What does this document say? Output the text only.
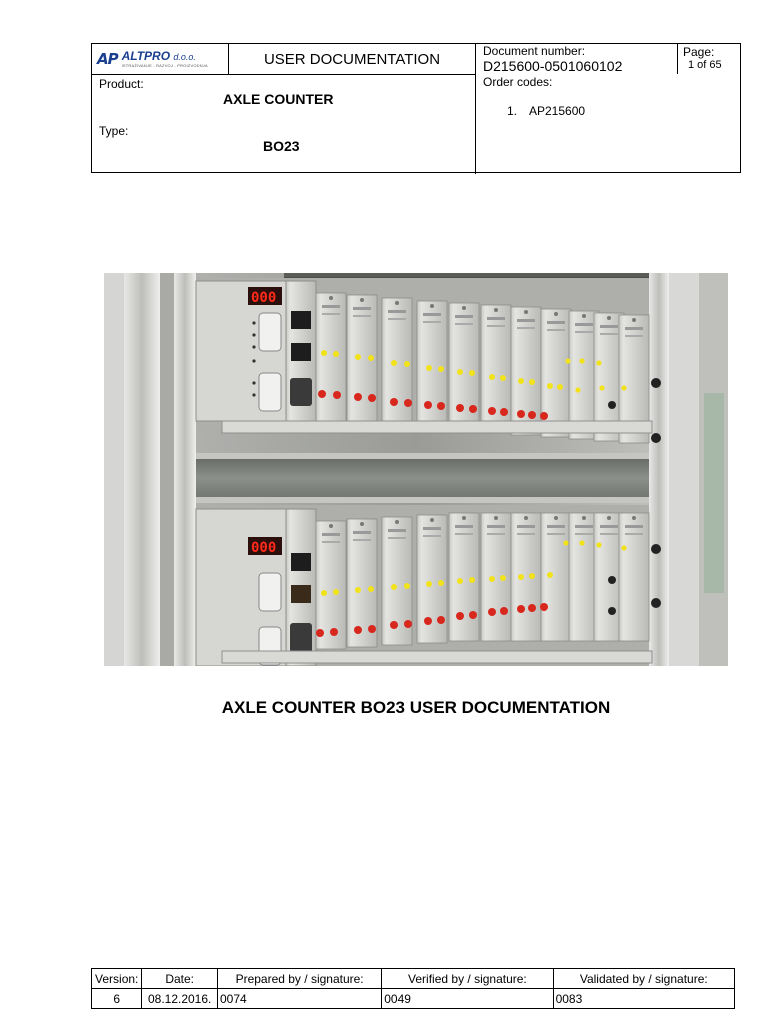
AP ALTPRO d.o.o.
ISTRAŽIVANJE - RAZVOJ - PROIZVODNJA	USER DOCUMENTATION	Document number:
D215600-0501060102
Page:
1 of 65
Product:
AXLE COUNTER
Type:
BO23
Order codes:
1. AP215600
000
000
AXLE COUNTER BO23 USER DOCUMENTATION
Version:	Date:	Prepared by / signature:	Verified by / signature:	Validated by / signature:
6	08.12.2016.	0074	0049	0083
